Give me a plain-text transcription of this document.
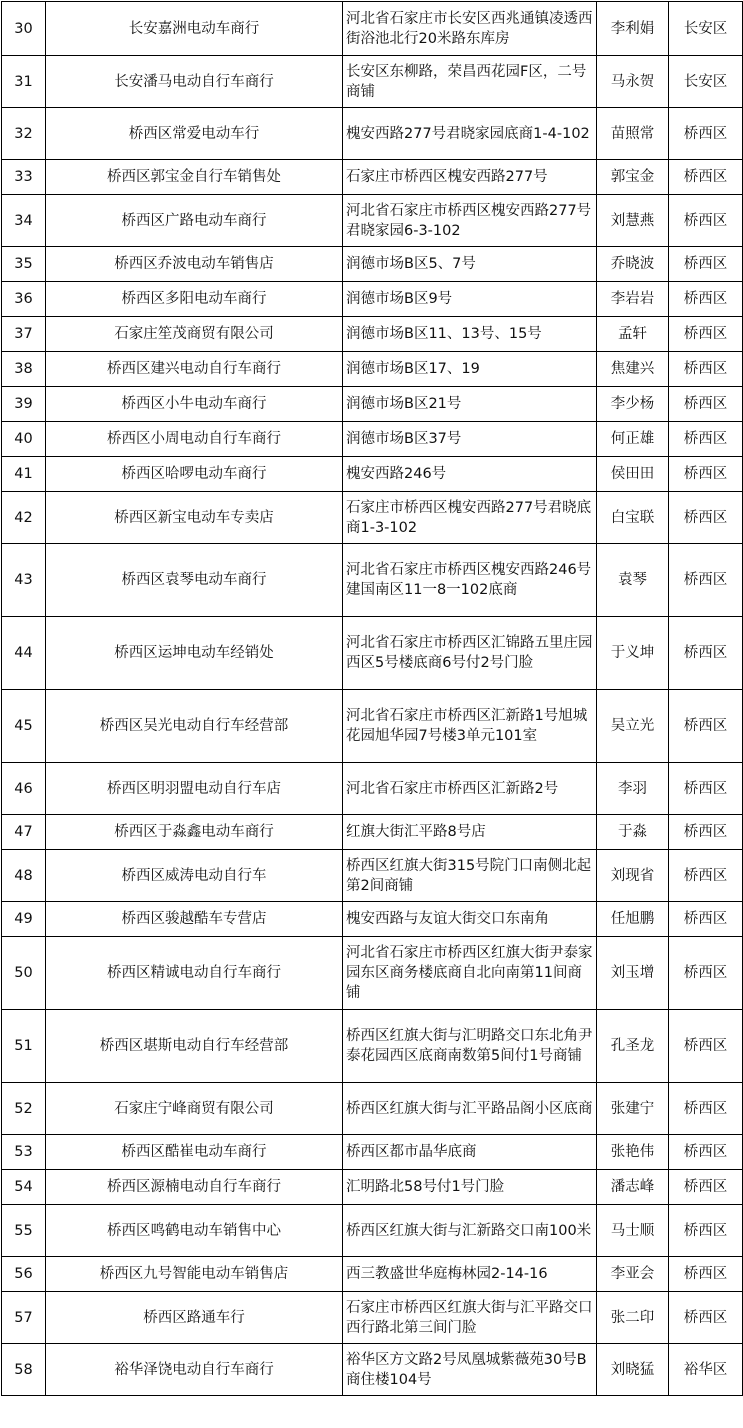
30	长安嘉洲电动车商行	河北省石家庄市长安区西兆通镇凌透西街浴池北行20米路东库房	李利娟	长安区
31	长安潘马电动自行车商行	长安区东柳路，荣昌西花园F区，二号商铺	马永贺	长安区
32	桥西区常爱电动车行	槐安西路277号君晓家园底商1-4-102	苗照常	桥西区
33	桥西区郭宝金自行车销售处	石家庄市桥西区槐安西路277号	郭宝金	桥西区
34	桥西区广路电动车商行	河北省石家庄市桥西区槐安西路277号君晓家园6-3-102	刘慧燕	桥西区
35	桥西区乔波电动车销售店	润德市场B区5、7号	乔晓波	桥西区
36	桥西区多阳电动车商行	润德市场B区9号	李岩岩	桥西区
37	石家庄笙茂商贸有限公司	润德市场B区11、13号、15号	孟轩	桥西区
38	桥西区建兴电动自行车商行	润德市场B区17、19	焦建兴	桥西区
39	桥西区小牛电动车商行	润德市场B区21号	李少杨	桥西区
40	桥西区小周电动自行车商行	润德市场B区37号	何正雄	桥西区
41	桥西区哈啰电动车商行	槐安西路246号	侯田田	桥西区
42	桥西区新宝电动车专卖店	石家庄市桥西区槐安西路277号君晓底商1-3-102	白宝联	桥西区
43	桥西区袁琴电动车商行	河北省石家庄市桥西区槐安西路246号建国南区11一8一102底商	袁琴	桥西区
44	桥西区运坤电动车经销处	河北省石家庄市桥西区汇锦路五里庄园西区5号楼底商6号付2号门脸	于义坤	桥西区
45	桥西区吴光电动自行车经营部	河北省石家庄市桥西区汇新路1号旭城花园旭华园7号楼3单元101室	吴立光	桥西区
46	桥西区明羽盟电动自行车店	河北省石家庄市桥西区汇新路2号	李羽	桥西区
47	桥西区于淼鑫电动车商行	红旗大街汇平路8号店	于淼	桥西区
48	桥西区威涛电动自行车	桥西区红旗大街315号院门口南侧北起第2间商铺	刘现省	桥西区
49	桥西区骏越酷车专营店	槐安西路与友谊大街交口东南角	任旭鹏	桥西区
50	桥西区精诚电动自行车商行	河北省石家庄市桥西区红旗大街尹泰家园东区商务楼底商自北向南第11间商铺	刘玉增	桥西区
51	桥西区堪斯电动自行车经营部	桥西区红旗大街与汇明路交口东北角尹泰花园西区底商南数第5间付1号商铺	孔圣龙	桥西区
52	石家庄宁峰商贸有限公司	桥西区红旗大街与汇平路品阁小区底商	张建宁	桥西区
53	桥西区酷崔电动车商行	桥西区都市晶华底商	张艳伟	桥西区
54	桥西区源楠电动自行车商行	汇明路北58号付1号门脸	潘志峰	桥西区
55	桥西区鸣鹤电动车销售中心	桥西区红旗大街与汇新路交口南100米	马士顺	桥西区
56	桥西区九号智能电动车销售店	西三教盛世华庭梅林园2-14-16	李亚会	桥西区
57	桥西区路通车行	石家庄市桥西区红旗大街与汇平路交口西行路北第三间门脸	张二印	桥西区
58	裕华泽饶电动自行车商行	裕华区方文路2号凤凰城紫薇苑30号B商住楼104号	刘晓猛	裕华区
